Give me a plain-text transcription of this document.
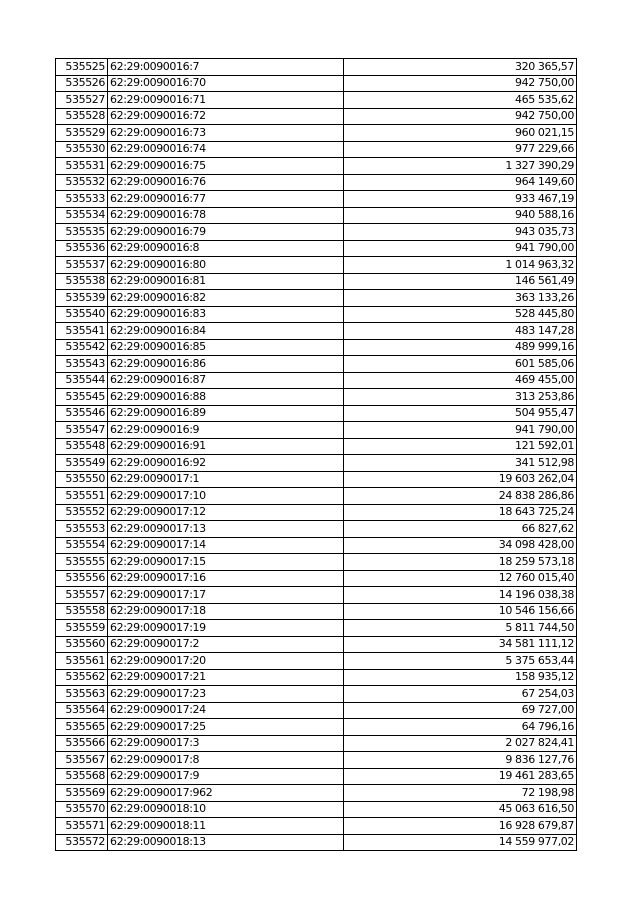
535525	62:29:0090016:7	320 365,57
535526	62:29:0090016:70	942 750,00
535527	62:29:0090016:71	465 535,62
535528	62:29:0090016:72	942 750,00
535529	62:29:0090016:73	960 021,15
535530	62:29:0090016:74	977 229,66
535531	62:29:0090016:75	1 327 390,29
535532	62:29:0090016:76	964 149,60
535533	62:29:0090016:77	933 467,19
535534	62:29:0090016:78	940 588,16
535535	62:29:0090016:79	943 035,73
535536	62:29:0090016:8	941 790,00
535537	62:29:0090016:80	1 014 963,32
535538	62:29:0090016:81	146 561,49
535539	62:29:0090016:82	363 133,26
535540	62:29:0090016:83	528 445,80
535541	62:29:0090016:84	483 147,28
535542	62:29:0090016:85	489 999,16
535543	62:29:0090016:86	601 585,06
535544	62:29:0090016:87	469 455,00
535545	62:29:0090016:88	313 253,86
535546	62:29:0090016:89	504 955,47
535547	62:29:0090016:9	941 790,00
535548	62:29:0090016:91	121 592,01
535549	62:29:0090016:92	341 512,98
535550	62:29:0090017:1	19 603 262,04
535551	62:29:0090017:10	24 838 286,86
535552	62:29:0090017:12	18 643 725,24
535553	62:29:0090017:13	66 827,62
535554	62:29:0090017:14	34 098 428,00
535555	62:29:0090017:15	18 259 573,18
535556	62:29:0090017:16	12 760 015,40
535557	62:29:0090017:17	14 196 038,38
535558	62:29:0090017:18	10 546 156,66
535559	62:29:0090017:19	5 811 744,50
535560	62:29:0090017:2	34 581 111,12
535561	62:29:0090017:20	5 375 653,44
535562	62:29:0090017:21	158 935,12
535563	62:29:0090017:23	67 254,03
535564	62:29:0090017:24	69 727,00
535565	62:29:0090017:25	64 796,16
535566	62:29:0090017:3	2 027 824,41
535567	62:29:0090017:8	9 836 127,76
535568	62:29:0090017:9	19 461 283,65
535569	62:29:0090017:962	72 198,98
535570	62:29:0090018:10	45 063 616,50
535571	62:29:0090018:11	16 928 679,87
535572	62:29:0090018:13	14 559 977,02
